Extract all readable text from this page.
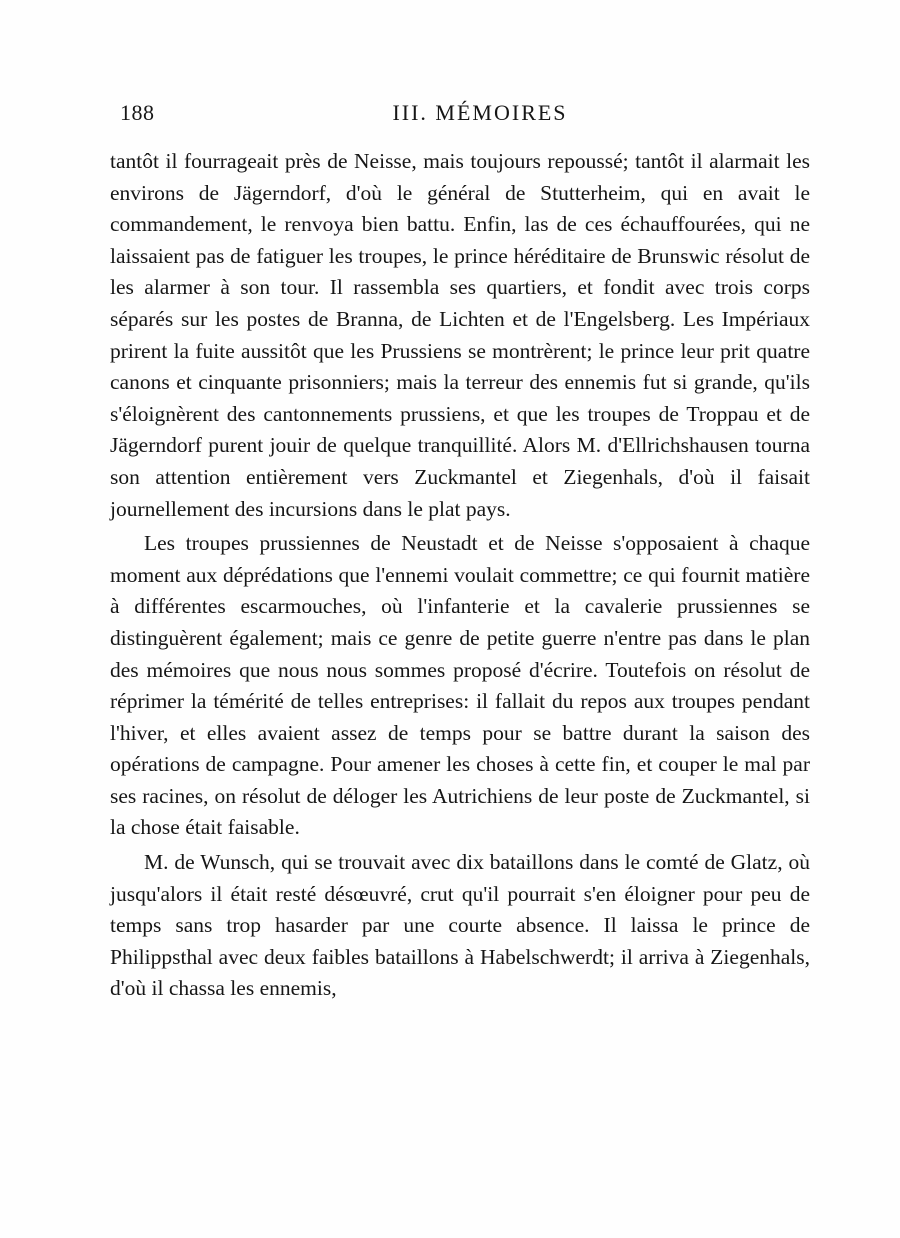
188	III. MÉMOIRES

tantôt il fourrageait près de Neisse, mais toujours repoussé; tantôt il alarmait les environs de Jägerndorf, d'où le général de Stutterheim, qui en avait le commandement, le renvoya bien battu. Enfin, las de ces échauffourées, qui ne laissaient pas de fatiguer les troupes, le prince héréditaire de Brunswic résolut de les alarmer à son tour. Il rassembla ses quartiers, et fondit avec trois corps séparés sur les postes de Branna, de Lichten et de l'Engelsberg. Les Impériaux prirent la fuite aussitôt que les Prussiens se montrèrent; le prince leur prit quatre canons et cinquante prisonniers; mais la terreur des ennemis fut si grande, qu'ils s'éloignèrent des cantonnements prussiens, et que les troupes de Troppau et de Jägerndorf purent jouir de quelque tranquillité. Alors M. d'Ellrichshausen tourna son attention entièrement vers Zuckmantel et Ziegenhals, d'où il faisait journellement des incursions dans le plat pays.

Les troupes prussiennes de Neustadt et de Neisse s'opposaient à chaque moment aux déprédations que l'ennemi voulait commettre; ce qui fournit matière à différentes escarmouches, où l'infanterie et la cavalerie prussiennes se distinguèrent également; mais ce genre de petite guerre n'entre pas dans le plan des mémoires que nous nous sommes proposé d'écrire. Toutefois on résolut de réprimer la témérité de telles entreprises: il fallait du repos aux troupes pendant l'hiver, et elles avaient assez de temps pour se battre durant la saison des opérations de campagne. Pour amener les choses à cette fin, et couper le mal par ses racines, on résolut de déloger les Autrichiens de leur poste de Zuckmantel, si la chose était faisable.

M. de Wunsch, qui se trouvait avec dix bataillons dans le comté de Glatz, où jusqu'alors il était resté désœuvré, crut qu'il pourrait s'en éloigner pour peu de temps sans trop hasarder par une courte absence. Il laissa le prince de Philippsthal avec deux faibles bataillons à Habelschwerdt; il arriva à Ziegenhals, d'où il chassa les ennemis,
